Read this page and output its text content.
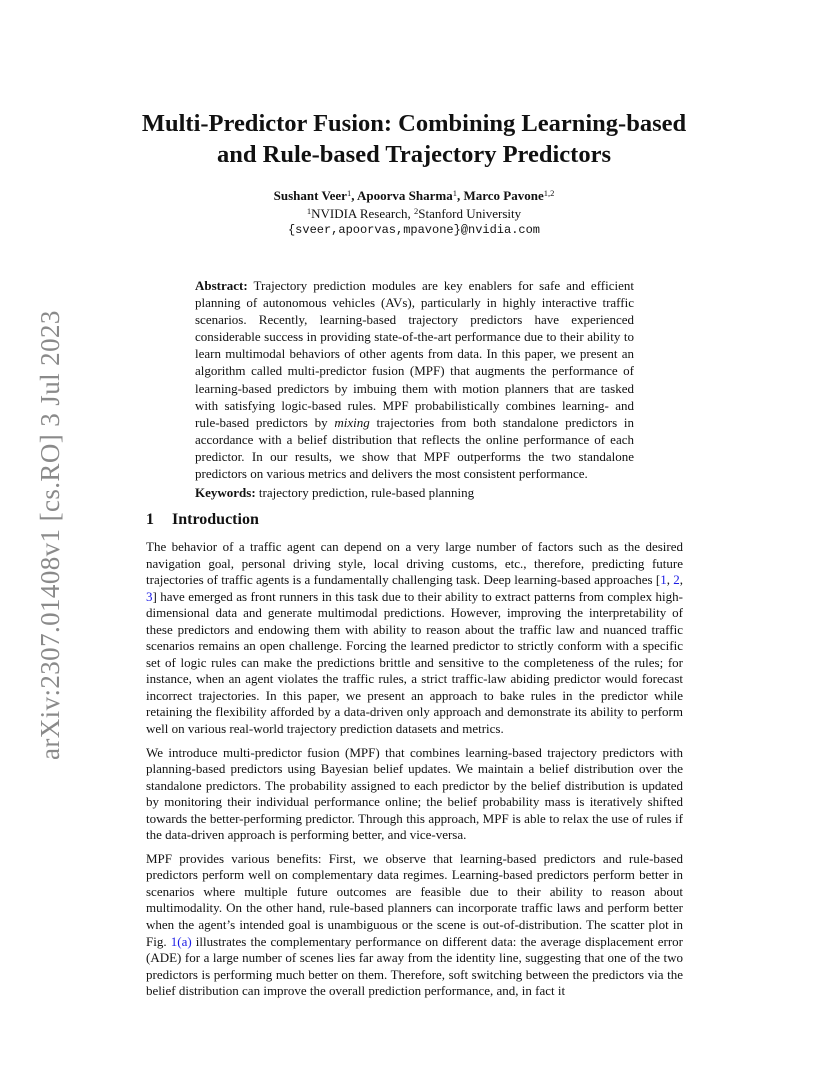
arXiv:2307.01408v1 [cs.RO] 3 Jul 2023
Multi-Predictor Fusion: Combining Learning-based
and Rule-based Trajectory Predictors
Sushant Veer$^1$, Apoorva Sharma$^1$, Marco Pavone$^{1,2}$
$^1$NVIDIA Research, $^2$Stanford University
{sveer,apoorvas,mpavone}@nvidia.com
Abstract: Trajectory prediction modules are key enablers for safe and efficient planning of autonomous vehicles (AVs), particularly in highly interactive traffic scenarios. Recently, learning-based trajectory predictors have experienced considerable success in providing state-of-the-art performance due to their ability to learn multimodal behaviors of other agents from data. In this paper, we present an algorithm called multi-predictor fusion (MPF) that augments the performance of learning-based predictors by imbuing them with motion planners that are tasked with satisfying logic-based rules. MPF probabilistically combines learning- and rule-based predictors by mixing trajectories from both standalone predictors in accordance with a belief distribution that reflects the online performance of each predictor. In our results, we show that MPF outperforms the two standalone predictors on various metrics and delivers the most consistent performance.
Keywords: trajectory prediction, rule-based planning
1 Introduction

The behavior of a traffic agent can depend on a very large number of factors such as the desired navigation goal, personal driving style, local driving customs, etc., therefore, predicting future trajectories of traffic agents is a fundamentally challenging task. Deep learning-based approaches [1, 2, 3] have emerged as front runners in this task due to their ability to extract patterns from complex high-dimensional data and generate multimodal predictions. However, improving the interpretability of these predictors and endowing them with ability to reason about the traffic law and nuanced traffic scenarios remains an open challenge. Forcing the learned predictor to strictly conform with a specific set of logic rules can make the predictions brittle and sensitive to the completeness of the rules; for instance, when an agent violates the traffic rules, a strict traffic-law abiding predictor would forecast incorrect trajectories. In this paper, we present an approach to bake rules in the predictor while retaining the flexibility afforded by a data-driven only approach and demonstrate its ability to perform well on various real-world trajectory prediction datasets and metrics.

We introduce multi-predictor fusion (MPF) that combines learning-based trajectory predictors with planning-based predictors using Bayesian belief updates. We maintain a belief distribution over the standalone predictors. The probability assigned to each predictor by the belief distribution is updated by monitoring their individual performance online; the belief probability mass is iteratively shifted towards the better-performing predictor. Through this approach, MPF is able to relax the use of rules if the data-driven approach is performing better, and vice-versa.

MPF provides various benefits: First, we observe that learning-based predictors and rule-based predictors perform well on complementary data regimes. Learning-based predictors perform better in scenarios where multiple future outcomes are feasible due to their ability to reason about multimodality. On the other hand, rule-based planners can incorporate traffic laws and perform better when the agent’s intended goal is unambiguous or the scene is out-of-distribution. The scatter plot in Fig. 1(a) illustrates the complementary performance on different data: the average displacement error (ADE) for a large number of scenes lies far away from the identity line, suggesting that one of the two predictors is performing much better on them. Therefore, soft switching between the predictors via the belief distribution can improve the overall prediction performance, and, in fact it
